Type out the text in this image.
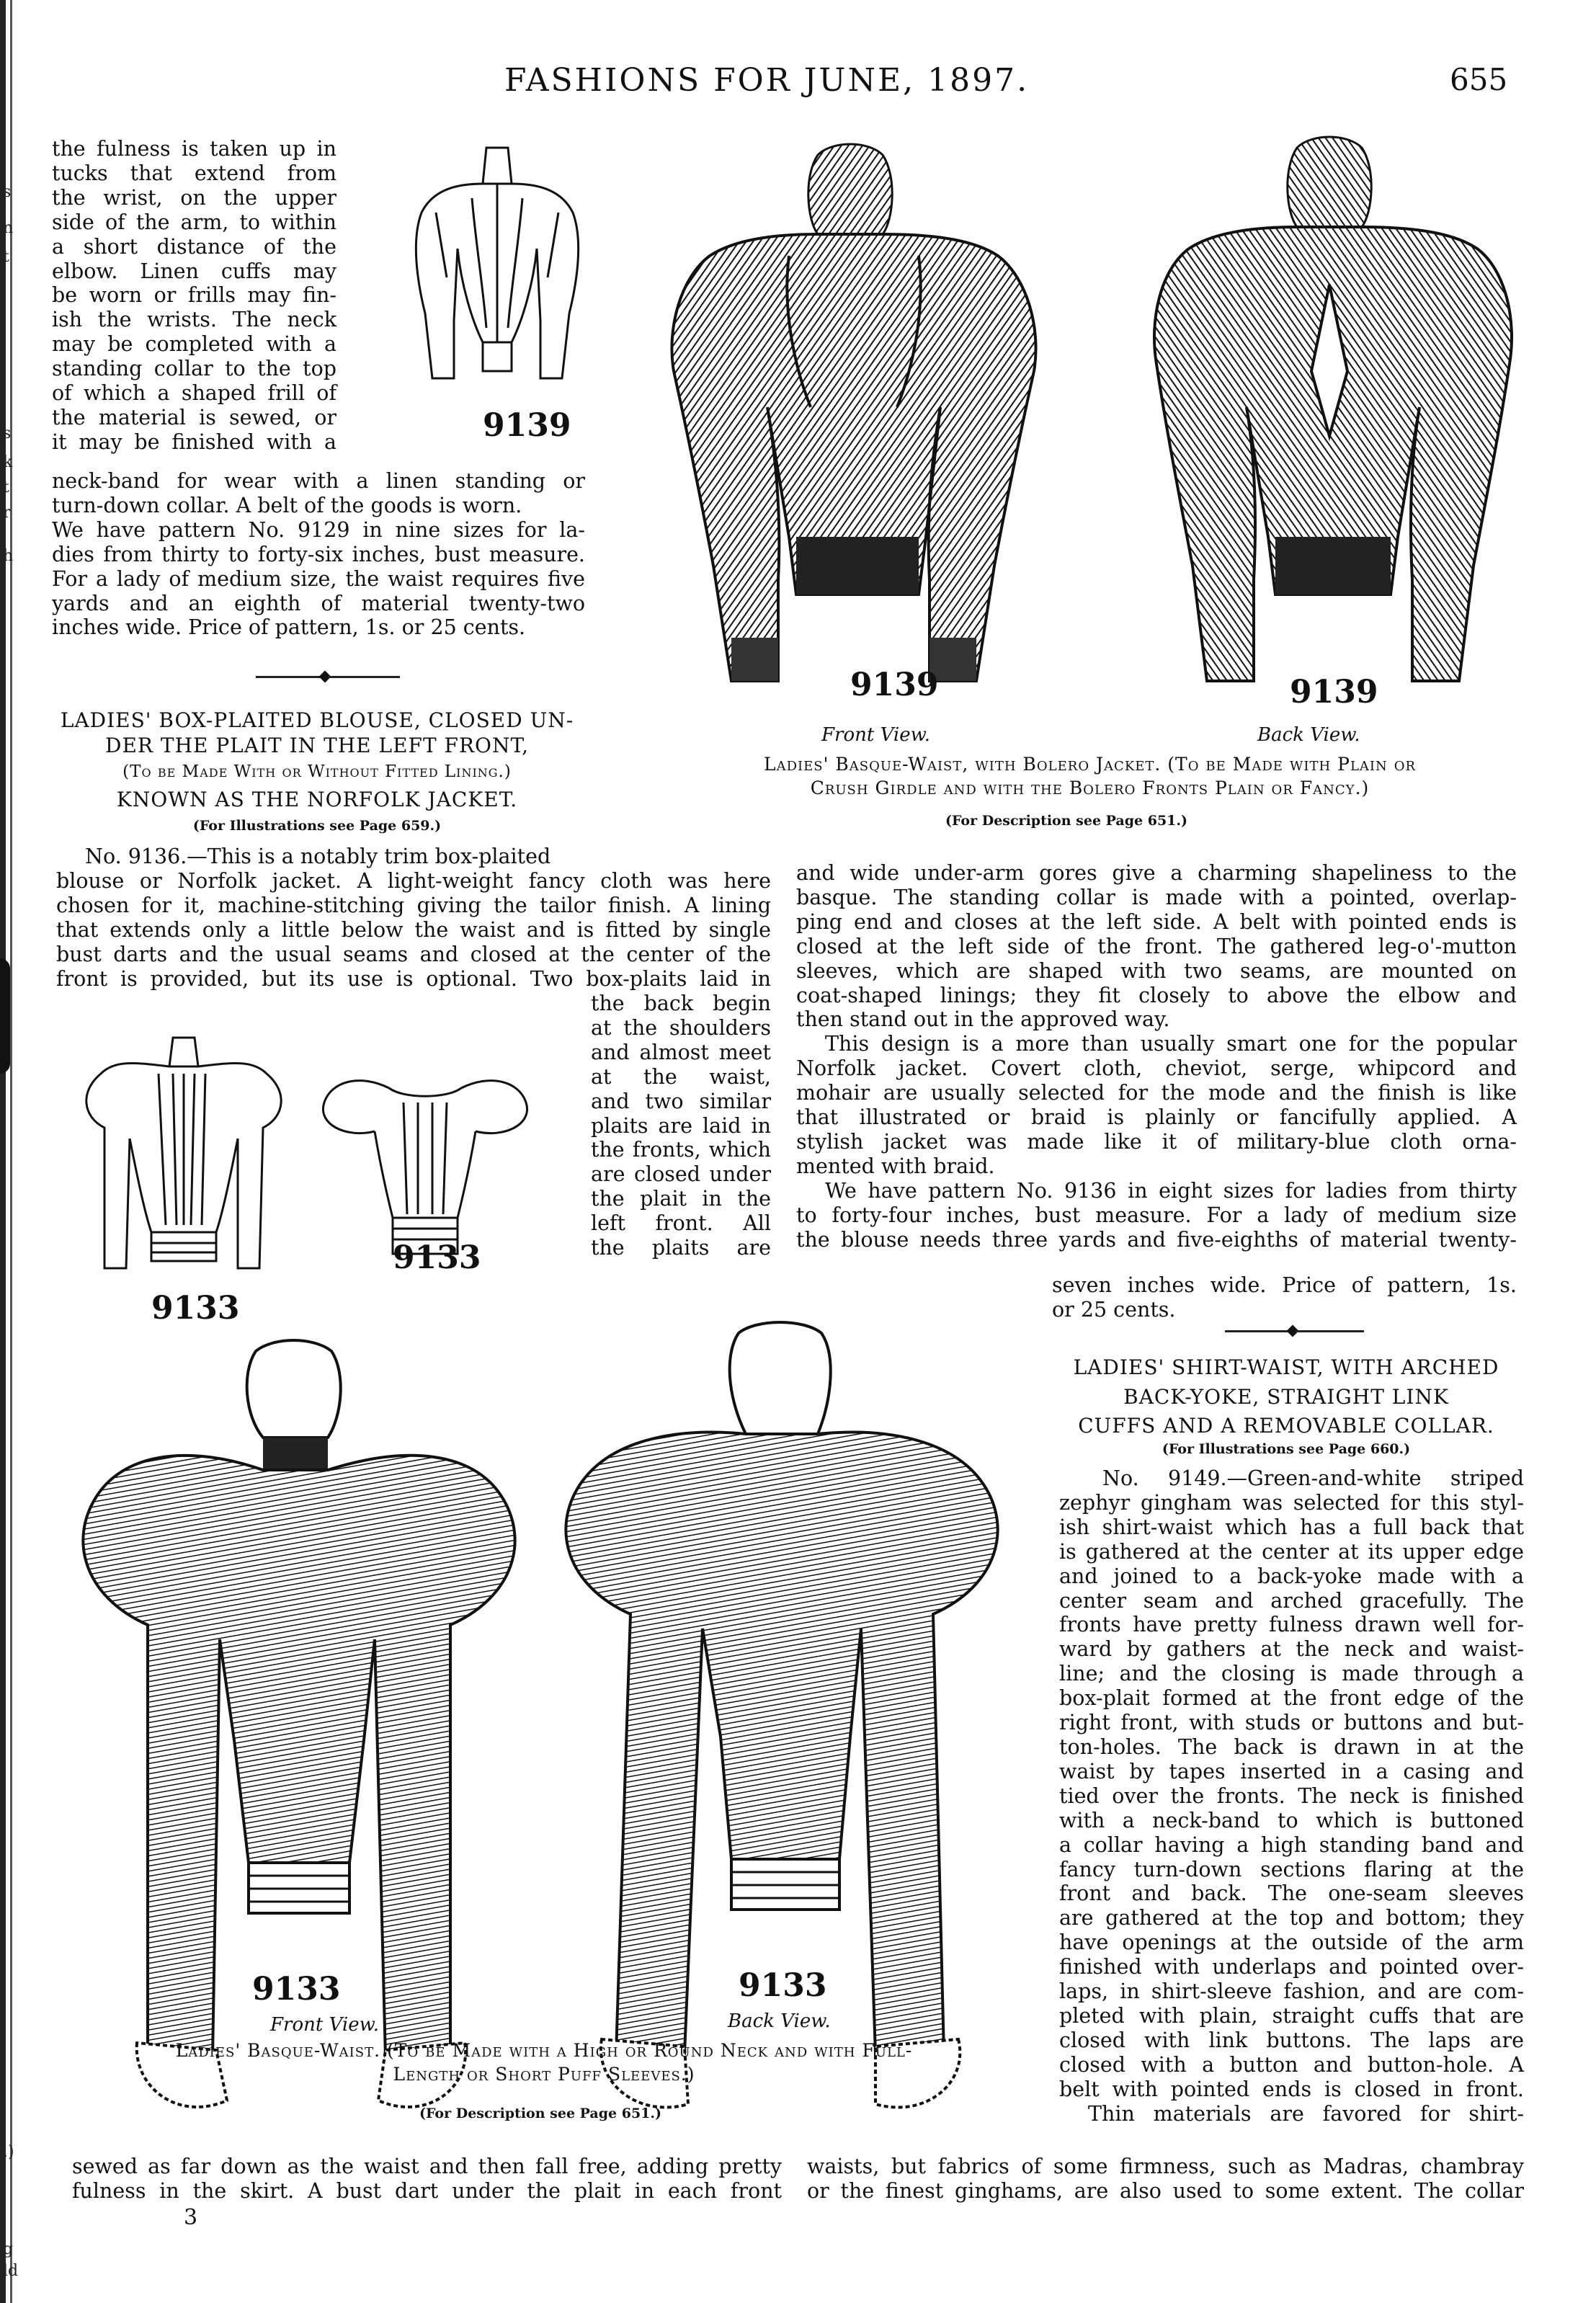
s
n
t
s
k
t
r
h
.)
g
ld
FASHIONS FOR JUNE, 1897.	655
the fulness is taken up in
tucks that extend from
the wrist, on the upper
side of the arm, to within
a short distance of the
elbow. Linen cuffs may
be worn or frills may fin-
ish the wrists. The neck
may be completed with a
standing collar to the top
of which a shaped frill of
the material is sewed, or
it may be finished with a
neck-band for wear with a linen standing or
turn-down collar. A belt of the goods is worn.
We have pattern No. 9129 in nine sizes for la-
dies from thirty to forty-six inches, bust measure.
For a lady of medium size, the waist requires five
yards and an eighth of material twenty-two
inches wide. Price of pattern, 1s. or 25 cents.
9139
9139	9139
Front View.	Back View.
Ladies' Basque-Waist, with Bolero Jacket. (To be Made with Plain or
Crush Girdle and with the Bolero Fronts Plain or Fancy.)
(For Description see Page 651.)
LADIES' BOX-PLAITED BLOUSE, CLOSED UN-
DER THE PLAIT IN THE LEFT FRONT,
(To be Made With or Without Fitted Lining.)
KNOWN AS THE NORFOLK JACKET.
(For Illustrations see Page 659.)
No. 9136.—This is a notably trim box-plaited
blouse or Norfolk jacket. A light-weight fancy cloth was here
chosen for it, machine-stitching giving the tailor finish. A lining
that extends only a little below the waist and is fitted by single
bust darts and the usual seams and closed at the center of the
front is provided, but its use is optional. Two box-plaits laid in
the back begin
at the shoulders
and almost meet
at the waist,
and two similar
plaits are laid in
the fronts, which
are closed under
the plait in the
left front. All
the plaits are
9133
9133
and wide under-arm gores give a charming shapeliness to the
basque. The standing collar is made with a pointed, overlap-
ping end and closes at the left side. A belt with pointed ends is
closed at the left side of the front. The gathered leg-o'-mutton
sleeves, which are shaped with two seams, are mounted on
coat-shaped linings; they fit closely to above the elbow and
then stand out in the approved way.
This design is a more than usually smart one for the popular
Norfolk jacket. Covert cloth, cheviot, serge, whipcord and
mohair are usually selected for the mode and the finish is like
that illustrated or braid is plainly or fancifully applied. A
stylish jacket was made like it of military-blue cloth orna-
mented with braid.
We have pattern No. 9136 in eight sizes for ladies from thirty
to forty-four inches, bust measure. For a lady of medium size
the blouse needs three yards and five-eighths of material twenty-
seven inches wide. Price of pattern, 1s.
or 25 cents.
LADIES' SHIRT-WAIST, WITH ARCHED
BACK-YOKE, STRAIGHT LINK
CUFFS AND A REMOVABLE COLLAR.
(For Illustrations see Page 660.)
No. 9149.—Green-and-white striped
zephyr gingham was selected for this styl-
ish shirt-waist which has a full back that
is gathered at the center at its upper edge
and joined to a back-yoke made with a
center seam and arched gracefully. The
fronts have pretty fulness drawn well for-
ward by gathers at the neck and waist-
line; and the closing is made through a
box-plait formed at the front edge of the
right front, with studs or buttons and but-
ton-holes. The back is drawn in at the
waist by tapes inserted in a casing and
tied over the fronts. The neck is finished
with a neck-band to which is buttoned
a collar having a high standing band and
fancy turn-down sections flaring at the
front and back. The one-seam sleeves
are gathered at the top and bottom; they
have openings at the outside of the arm
finished with underlaps and pointed over-
laps, in shirt-sleeve fashion, and are com-
pleted with plain, straight cuffs that are
closed with link buttons. The laps are
closed with a button and button-hole. A
belt with pointed ends is closed in front.
Thin materials are favored for shirt-
9133	9133
Front View.	Back View.
Ladies' Basque-Waist. (To be Made with a High or Round Neck and with Full-
Length or Short Puff Sleeves.)
(For Description see Page 651.)
sewed as far down as the waist and then fall free, adding pretty
fulness in the skirt. A bust dart under the plait in each front
waists, but fabrics of some firmness, such as Madras, chambray
or the finest ginghams, are also used to some extent. The collar
3
